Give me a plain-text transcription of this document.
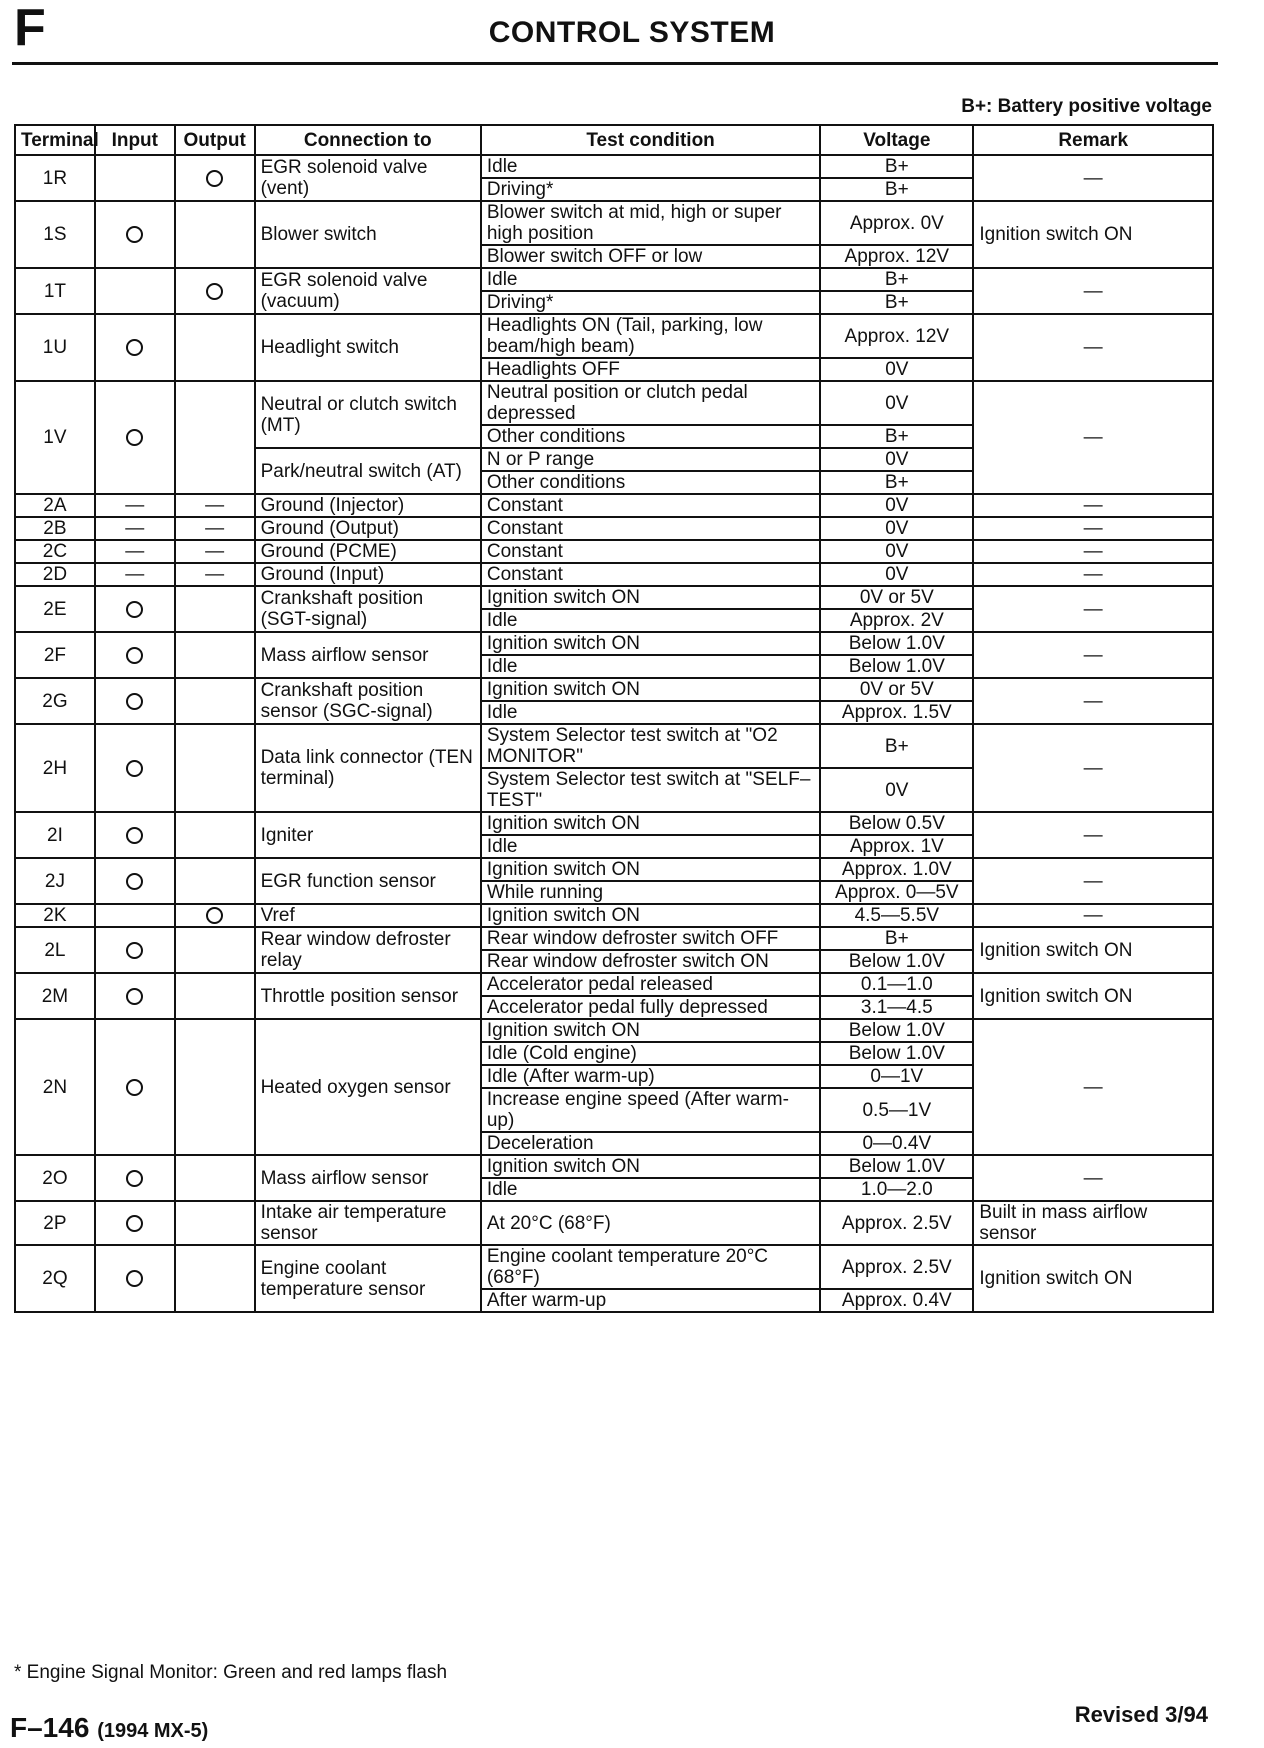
F	CONTROL SYSTEM
B+: Battery positive voltage
Terminal	Input	Output	Connection to	Test condition	Voltage	Remark
1R			EGR solenoid valve (vent)	Idle	B+	—
				Driving*	B+	
1S			Blower switch	Blower switch at mid, high or super high position	Approx. 0V	Ignition switch ON
				Blower switch OFF or low	Approx. 12V	
1T			EGR solenoid valve (vacuum)	Idle	B+	—
				Driving*	B+	
1U			Headlight switch	Headlights ON (Tail, parking, low beam/high beam)	Approx. 12V	—
				Headlights OFF	0V	
1V			Neutral or clutch switch (MT)	Neutral position or clutch pedal depressed	0V	—
				Other conditions	B+	
			Park/neutral switch (AT)	N or P range	0V	
				Other conditions	B+	
2A	—	—	Ground (Injector)	Constant	0V	—
2B	—	—	Ground (Output)	Constant	0V	—
2C	—	—	Ground (PCME)	Constant	0V	—
2D	—	—	Ground (Input)	Constant	0V	—
2E			Crankshaft position (SGT-signal)	Ignition switch ON	0V or 5V	—
				Idle	Approx. 2V	
2F			Mass airflow sensor	Ignition switch ON	Below 1.0V	—
				Idle	Below 1.0V	
2G			Crankshaft position sensor (SGC-signal)	Ignition switch ON	0V or 5V	—
				Idle	Approx. 1.5V	
2H			Data link connector (TEN terminal)	System Selector test switch at "O2 MONITOR"	B+	—
				System Selector test switch at "SELF–TEST"	0V	
2I			Igniter	Ignition switch ON	Below 0.5V	—
				Idle	Approx. 1V	
2J			EGR function sensor	Ignition switch ON	Approx. 1.0V	—
				While running	Approx. 0—5V	
2K			Vref	Ignition switch ON	4.5—5.5V	—
2L			Rear window defroster relay	Rear window defroster switch OFF	B+	Ignition switch ON
				Rear window defroster switch ON	Below 1.0V	
2M			Throttle position sensor	Accelerator pedal released	0.1—1.0	Ignition switch ON
				Accelerator pedal fully depressed	3.1—4.5	
2N			Heated oxygen sensor	Ignition switch ON	Below 1.0V	—
				Idle (Cold engine)	Below 1.0V	
				Idle (After warm-up)	0—1V	
				Increase engine speed (After warm-up)	0.5—1V	
				Deceleration	0—0.4V	
2O			Mass airflow sensor	Ignition switch ON	Below 1.0V	—
				Idle	1.0—2.0	
2P			Intake air temperature sensor	At 20°C (68°F)	Approx. 2.5V	Built in mass airflow sensor
2Q			Engine coolant temperature sensor	Engine coolant temperature 20°C (68°F)	Approx. 2.5V	Ignition switch ON
				After warm-up	Approx. 0.4V	
* Engine Signal Monitor: Green and red lamps flash
F–146 (1994 MX-5)
Revised 3/94
